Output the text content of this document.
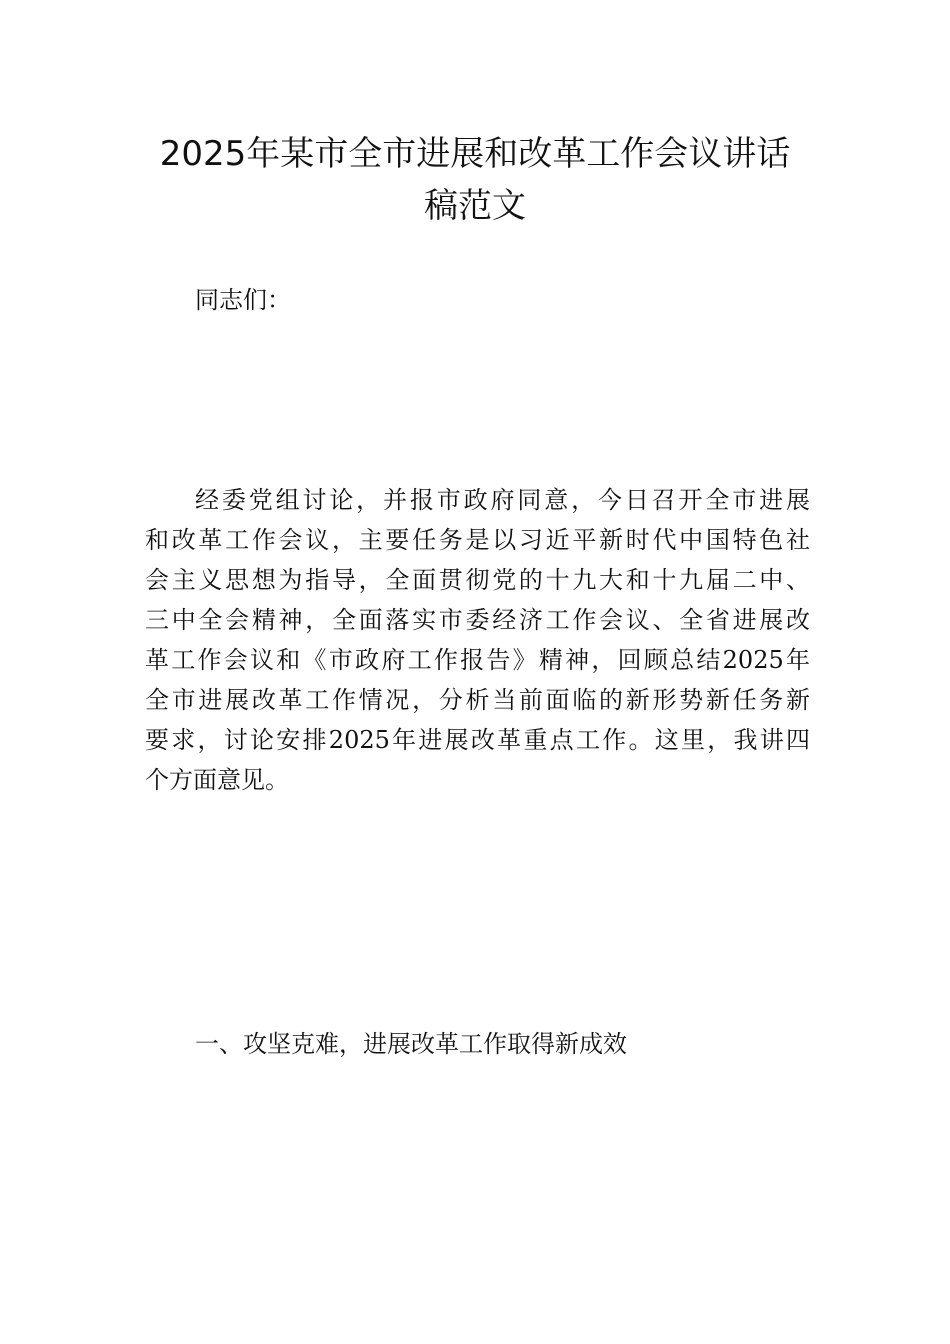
2025年某市全市进展和改革工作会议讲话
稿范文
同志们：
经委党组讨论，并报市政府同意，今日召开全市进展
和改革工作会议，主要任务是以习近平新时代中国特色社
会主义思想为指导，全面贯彻党的十九大和十九届二中、
三中全会精神，全面落实市委经济工作会议、全省进展改
革工作会议和《市政府工作报告》精神，回顾总结2025年
全市进展改革工作情况，分析当前面临的新形势新任务新
要求，讨论安排2025年进展改革重点工作。这里，我讲四
个方面意见。
一、攻坚克难，进展改革工作取得新成效
